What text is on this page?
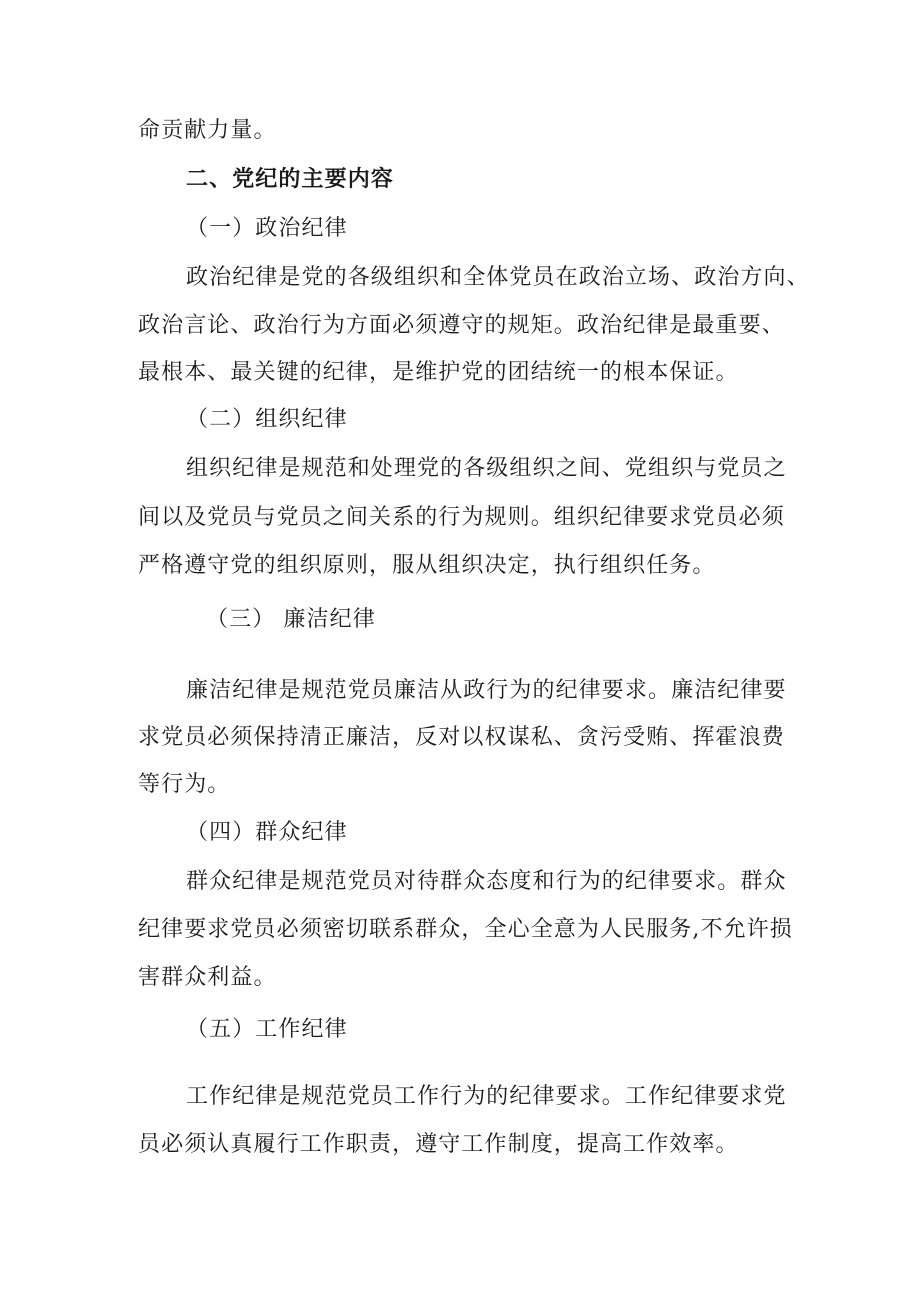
命贡献力量。
二、党纪的主要内容
（一）政治纪律
政治纪律是党的各级组织和全体党员在政治立场、政治方向、
政治言论、政治行为方面必须遵守的规矩。政治纪律是最重要、
最根本、最关键的纪律，是维护党的团结统一的根本保证。
（二）组织纪律
组织纪律是规范和处理党的各级组织之间、党组织与党员之
间以及党员与党员之间关系的行为规则。组织纪律要求党员必须
严格遵守党的组织原则，服从组织决定，执行组织任务。
（三） 廉洁纪律
廉洁纪律是规范党员廉洁从政行为的纪律要求。廉洁纪律要
求党员必须保持清正廉洁，反对以权谋私、贪污受贿、挥霍浪费
等行为。
（四）群众纪律
群众纪律是规范党员对待群众态度和行为的纪律要求。群众
纪律要求党员必须密切联系群众，全心全意为人民服务,不允许损
害群众利益。
（五）工作纪律
工作纪律是规范党员工作行为的纪律要求。工作纪律要求党
员必须认真履行工作职责，遵守工作制度，提高工作效率。
